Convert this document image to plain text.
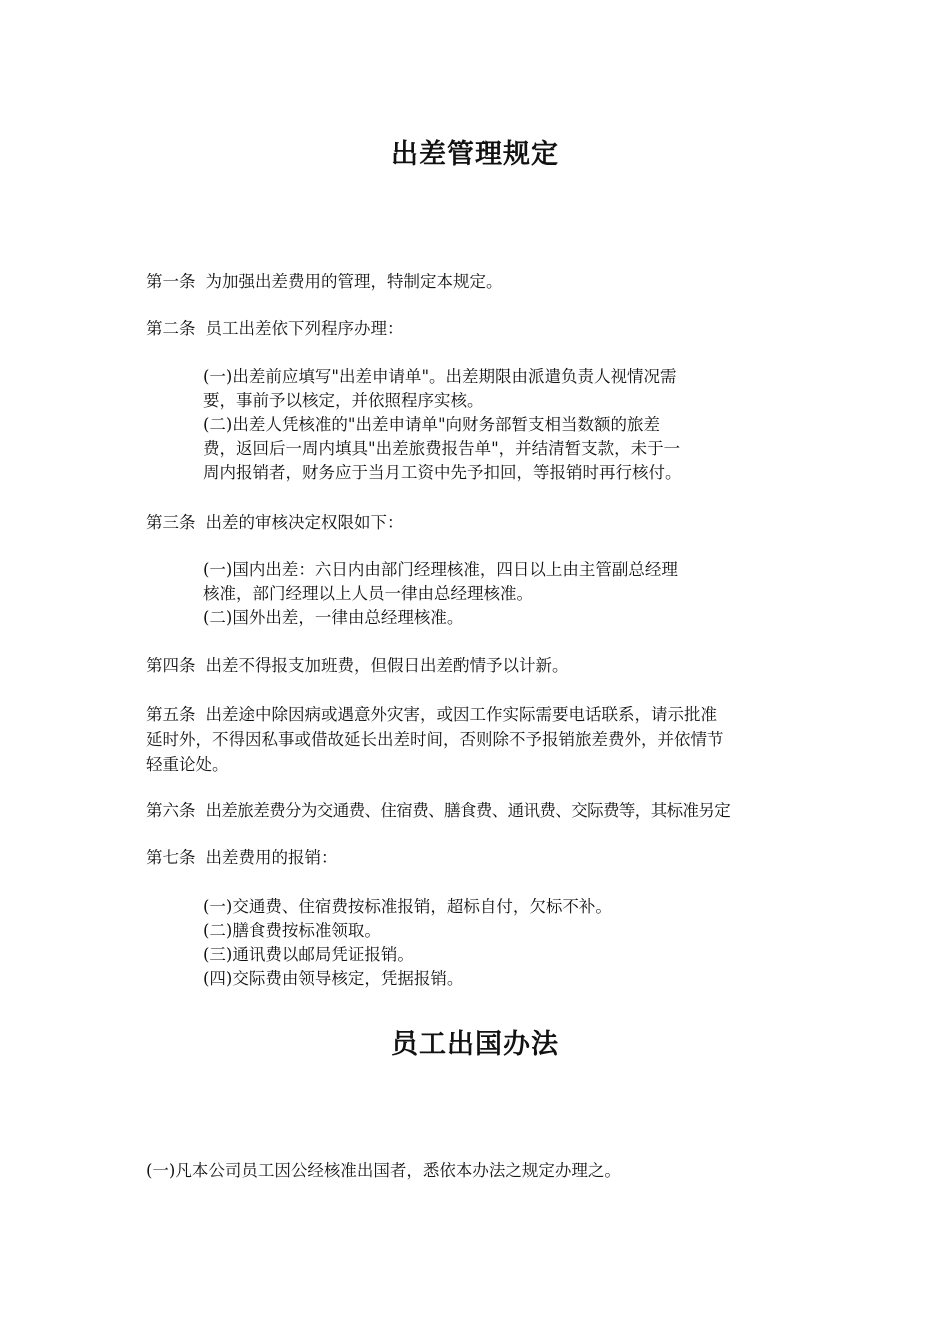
出差管理规定
第一条 为加强出差费用的管理，特制定本规定。
第二条 员工出差依下列程序办理：
(一)出差前应填写"出差申请单"。出差期限由派遣负责人视情况需
要，事前予以核定，并依照程序实核。
(二)出差人凭核准的"出差申请单"向财务部暂支相当数额的旅差
费，返回后一周内填具"出差旅费报告单"，并结清暂支款，未于一
周内报销者，财务应于当月工资中先予扣回，等报销时再行核付。
第三条 出差的审核决定权限如下：
(一)国内出差：六日内由部门经理核准，四日以上由主管副总经理
核准，部门经理以上人员一律由总经理核准。
(二)国外出差，一律由总经理核准。
第四条 出差不得报支加班费，但假日出差酌情予以计新。
第五条 出差途中除因病或遇意外灾害，或因工作实际需要电话联系，请示批准
延时外，不得因私事或借故延长出差时间，否则除不予报销旅差费外，并依情节
轻重论处。
第六条 出差旅差费分为交通费、住宿费、膳食费、通讯费、交际费等，其标准另定
第七条 出差费用的报销：
(一)交通费、住宿费按标准报销，超标自付，欠标不补。
(二)膳食费按标准领取。
(三)通讯费以邮局凭证报销。
(四)交际费由领导核定，凭据报销。
员工出国办法
(一)凡本公司员工因公经核准出国者，悉依本办法之规定办理之。
